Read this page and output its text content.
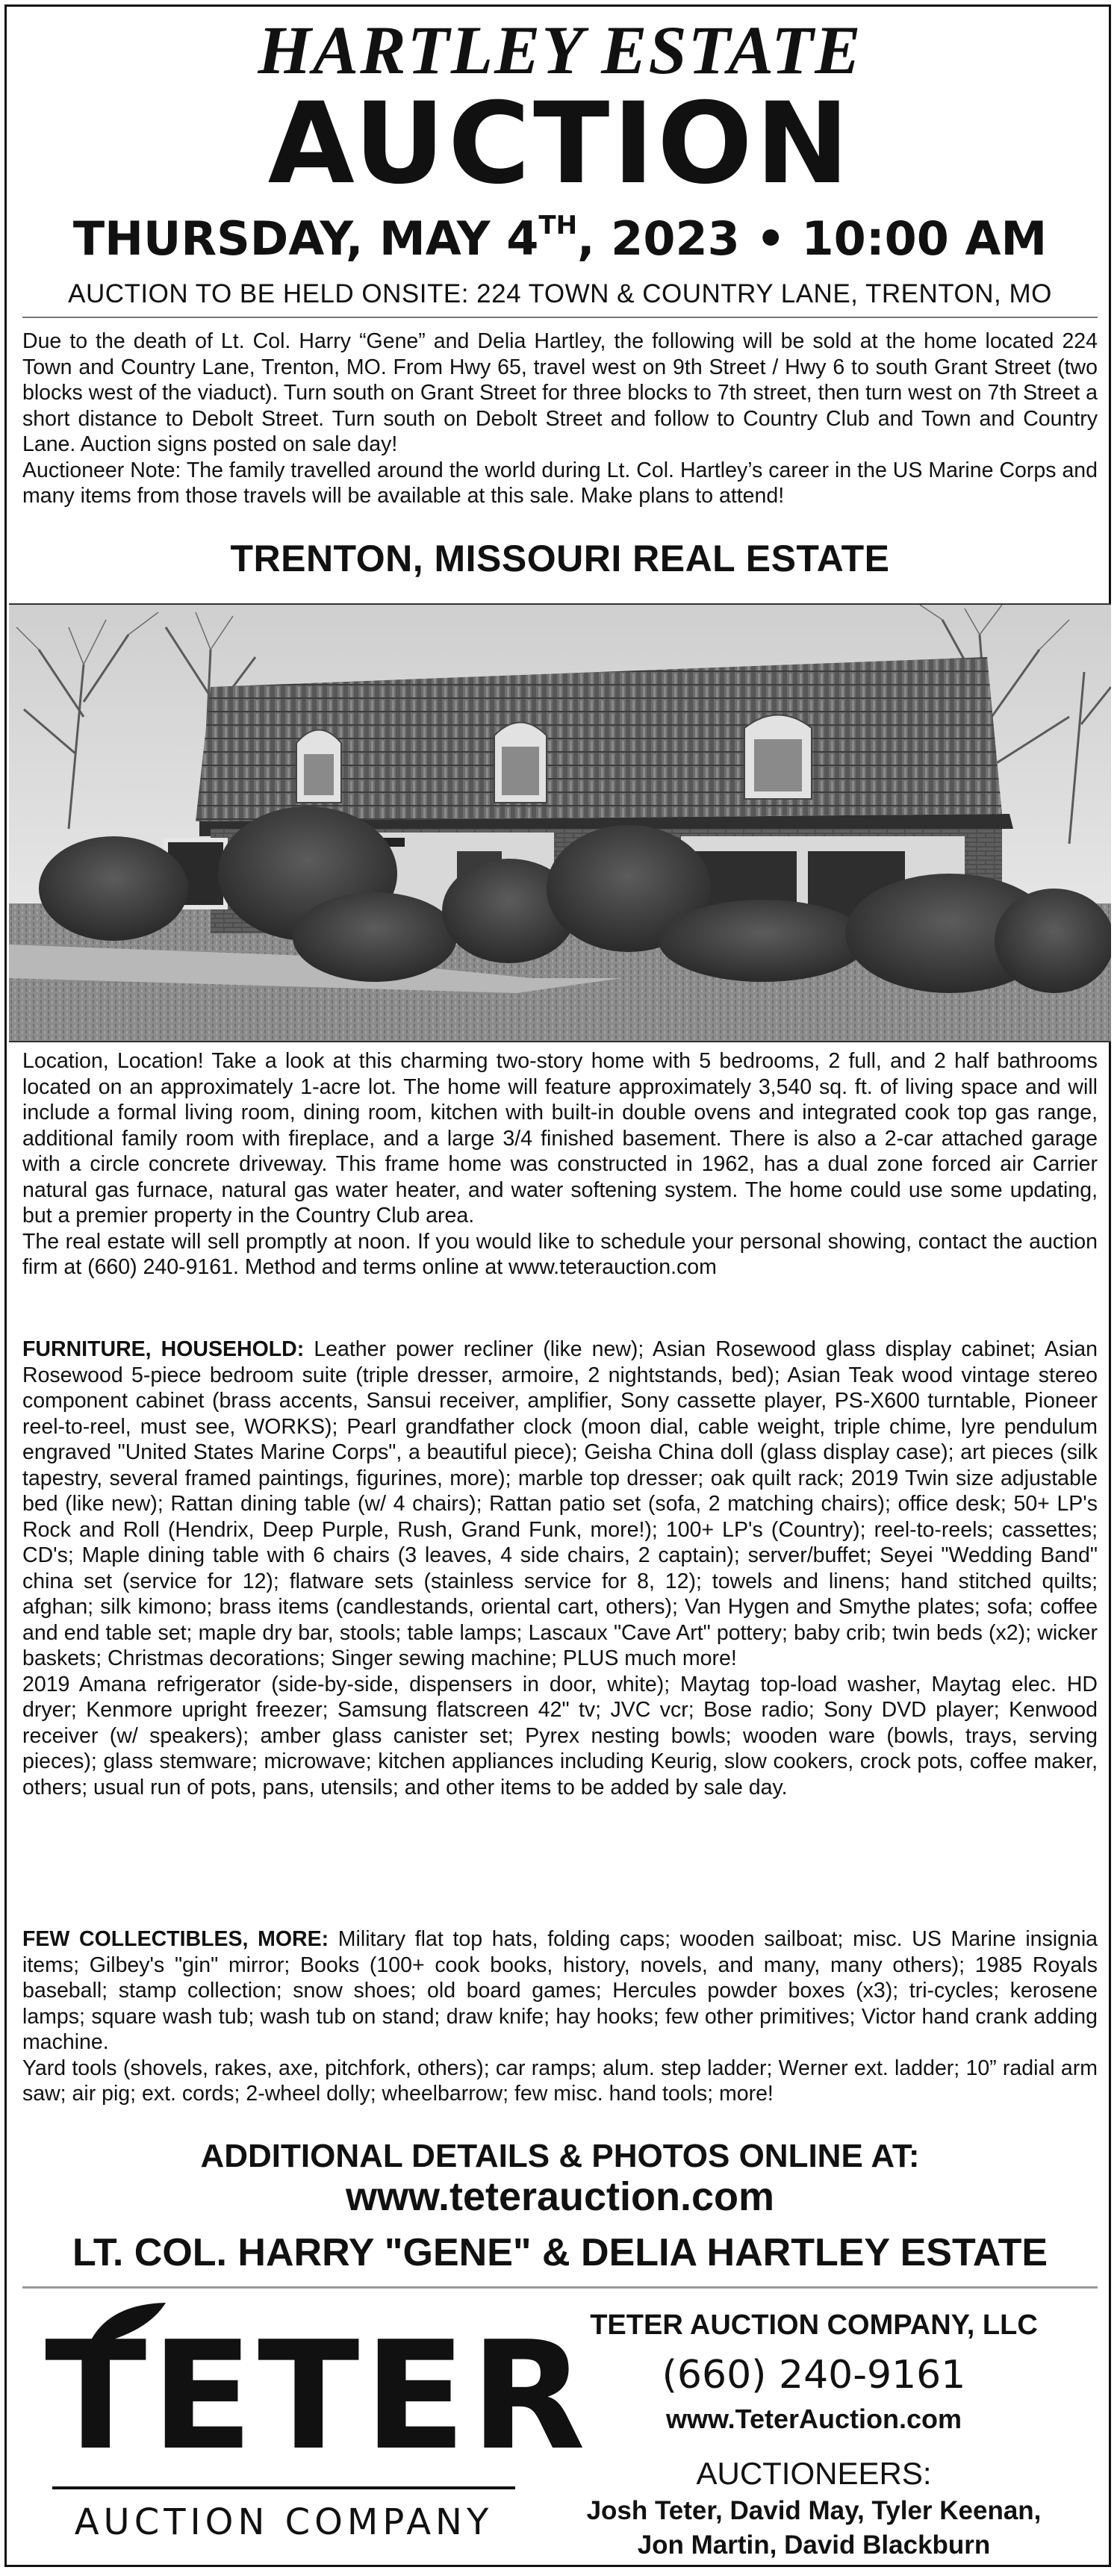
HARTLEY ESTATE
AUCTION
THURSDAY, MAY 4TH, 2023 • 10:00 AM
AUCTION TO BE HELD ONSITE: 224 TOWN & COUNTRY LANE, TRENTON, MO

Due to the death of Lt. Col. Harry “Gene” and Delia Hartley, the following will be sold at the home located 224 Town and Country Lane, Trenton, MO. From Hwy 65, travel west on 9th Street / Hwy 6 to south Grant Street (two blocks west of the viaduct). Turn south on Grant Street for three blocks to 7th street, then turn west on 7th Street a short distance to Debolt Street. Turn south on Debolt Street and follow to Country Club and Town and Country Lane. Auction signs posted on sale day!

Auctioneer Note: The family travelled around the world during Lt. Col. Hartley’s career in the US Marine Corps and many items from those travels will be available at this sale. Make plans to attend!

TRENTON, MISSOURI REAL ESTATE

Location, Location! Take a look at this charming two-story home with 5 bedrooms, 2 full, and 2 half bathrooms located on an approximately 1-acre lot. The home will feature approximately 3,540 sq. ft. of living space and will include a formal living room, dining room, kitchen with built-in double ovens and integrated cook top gas range, additional family room with fireplace, and a large 3/4 finished basement. There is also a 2-car attached garage with a circle concrete driveway. This frame home was constructed in 1962, has a dual zone forced air Carrier natural gas furnace, natural gas water heater, and water softening system. The home could use some updating, but a premier property in the Country Club area.

The real estate will sell promptly at noon. If you would like to schedule your personal showing, contact the auction firm at (660) 240-9161. Method and terms online at www.teterauction.com

FURNITURE, HOUSEHOLD: Leather power recliner (like new); Asian Rosewood glass display cabinet; Asian Rosewood 5-piece bedroom suite (triple dresser, armoire, 2 nightstands, bed); Asian Teak wood vintage stereo component cabinet (brass accents, Sansui receiver, amplifier, Sony cassette player, PS-X600 turntable, Pioneer reel-to-reel, must see, WORKS); Pearl grandfather clock (moon dial, cable weight, triple chime, lyre pendulum engraved "United States Marine Corps", a beautiful piece); Geisha China doll (glass display case); art pieces (silk tapestry, several framed paintings, figurines, more); marble top dresser; oak quilt rack; 2019 Twin size adjustable bed (like new); Rattan dining table (w/ 4 chairs); Rattan patio set (sofa, 2 matching chairs); office desk; 50+ LP's Rock and Roll (Hendrix, Deep Purple, Rush, Grand Funk, more!); 100+ LP's (Country); reel-to-reels; cassettes; CD's; Maple dining table with 6 chairs (3 leaves, 4 side chairs, 2 captain); server/buffet; Seyei "Wedding Band" china set (service for 12); flatware sets (stainless service for 8, 12); towels and linens; hand stitched quilts; afghan; silk kimono; brass items (candlestands, oriental cart, others); Van Hygen and Smythe plates; sofa; coffee and end table set; maple dry bar, stools; table lamps; Lascaux "Cave Art" pottery; baby crib; twin beds (x2); wicker baskets; Christmas decorations; Singer sewing machine; PLUS much more!

2019 Amana refrigerator (side-by-side, dispensers in door, white); Maytag top-load washer, Maytag elec. HD dryer; Kenmore upright freezer; Samsung flatscreen 42" tv; JVC vcr; Bose radio; Sony DVD player; Kenwood receiver (w/ speakers); amber glass canister set; Pyrex nesting bowls; wooden ware (bowls, trays, serving pieces); glass stemware; microwave; kitchen appliances including Keurig, slow cookers, crock pots, coffee maker, others; usual run of pots, pans, utensils; and other items to be added by sale day.

FEW COLLECTIBLES, MORE: Military flat top hats, folding caps; wooden sailboat; misc. US Marine insignia items; Gilbey's "gin" mirror; Books (100+ cook books, history, novels, and many, many others); 1985 Royals baseball; stamp collection; snow shoes; old board games; Hercules powder boxes (x3); tri-cycles; kerosene lamps; square wash tub; wash tub on stand; draw knife; hay hooks; few other primitives; Victor hand crank adding machine.

Yard tools (shovels, rakes, axe, pitchfork, others); car ramps; alum. step ladder; Werner ext. ladder; 10” radial arm saw; air pig; ext. cords; 2-wheel dolly; wheelbarrow; few misc. hand tools; more!

ADDITIONAL DETAILS & PHOTOS ONLINE AT:
www.teterauction.com
LT. COL. HARRY "GENE" & DELIA HARTLEY ESTATE
TETER
AUCTION COMPANY
TETER AUCTION COMPANY, LLC
(660) 240-9161
www.TeterAuction.com
AUCTIONEERS:
Josh Teter, David May, Tyler Keenan,
Jon Martin, David Blackburn
